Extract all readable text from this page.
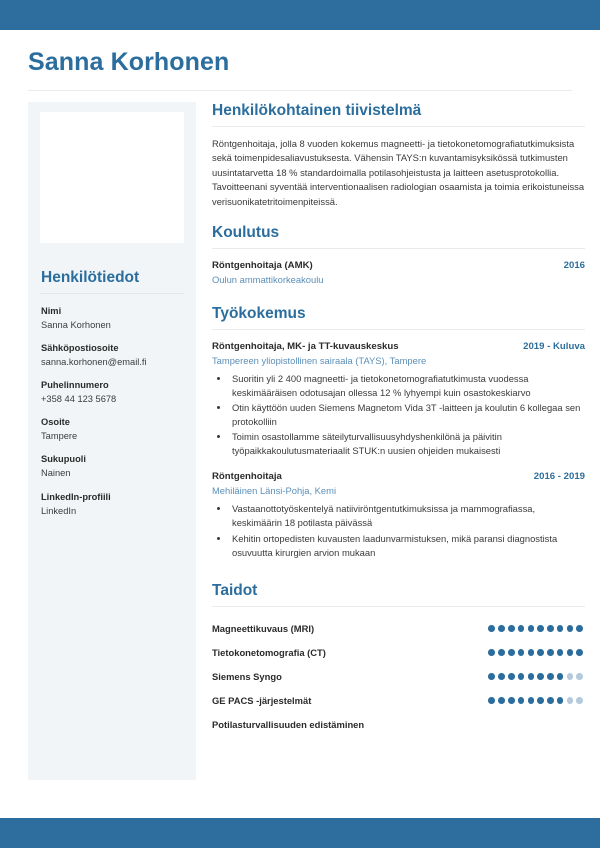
Sanna Korhonen
Henkilötiedot
Nimi
Sanna Korhonen
Sähköpostiosoite
sanna.korhonen@email.fi
Puhelinnumero
+358 44 123 5678
Osoite
Tampere
Sukupuoli
Nainen
LinkedIn-profiili
LinkedIn
Henkilökohtainen tiivistelmä

Röntgenhoitaja, jolla 8 vuoden kokemus magneetti- ja tietokonetomografiatutkimuksista sekä toimenpidesaliavustuksesta. Vähensin TAYS:n kuvantamisyksikössä tutkimusten uusintatarvetta 18 % standardoimalla potilasohjeistusta ja laitteen asetusprotokollia. Tavoitteenani syventää interventionaalisen radiologian osaamista ja toimia erikoistuneissa verisuonikatetritoimenpiteissä.

Koulutus
Röntgenhoitaja (AMK)	2016
Oulun ammattikorkeakoulu
Työkokemus
Röntgenhoitaja, MK- ja TT-kuvauskeskus	2019 - Kuluva
Tampereen yliopistollinen sairaala (TAYS), Tampere
• Suoritin yli 2 400 magneetti- ja tietokonetomografiatutkimusta vuodessa keskimääräisen odotusajan ollessa 12 % lyhyempi kuin osastokeskiarvo
• Otin käyttöön uuden Siemens Magnetom Vida 3T -laitteen ja koulutin 6 kollegaa sen protokolliin
• Toimin osastollamme säteilyturvallisuusyhdyshenkilönä ja päivitin työpaikkakoulutusmateriaalit STUK:n uusien ohjeiden mukaisesti
Röntgenhoitaja	2016 - 2019
Mehiläinen Länsi-Pohja, Kemi
• Vastaanottotyöskentelyä natiiviröntgentutkimuksissa ja mammografiassa, keskimäärin 18 potilasta päivässä
• Kehitin ortopedisten kuvausten laadunvarmistuksen, mikä paransi diagnostista osuvuutta kirurgien arvion mukaan
Taidot
Magneettikuvaus (MRI)
Tietokonetomografia (CT)
Siemens Syngo
GE PACS -järjestelmät
Potilasturvallisuuden edistäminen
